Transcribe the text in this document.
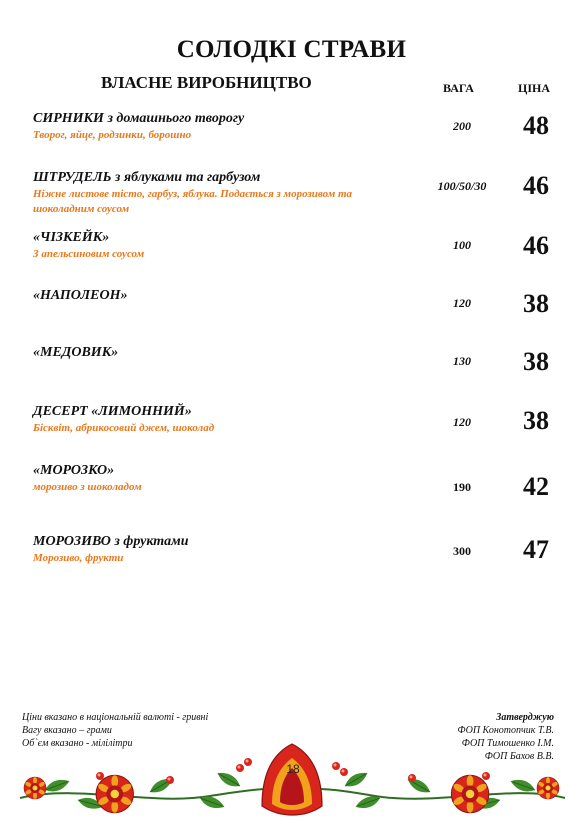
СОЛОДКІ СТРАВИ
ВЛАСНЕ ВИРОБНИЦТВО	ВАГА	ЦІНА
СИРНИКИ з домашнього творогу
Творог, яйце, родзинки, борошно
200	48
ШТРУДЕЛЬ з яблуками та гарбузом
Ніжне листове тісто, гарбуз, яблука. Подається з морозивом та шоколадним соусом
100/50/30	46
«ЧІЗКЕЙК»
З апельсиновим соусом
100	46
«НАПОЛЕОН»	120	38
«МЕДОВИК»
130	38
ДЕСЕРТ «ЛИМОННИЙ»
Бісквіт, абрикосовий джем, шоколад	120	38
«МОРОЗКО»
морозиво з шоколадом	190	42
МОРОЗИВО з фруктами
Морозиво, фрукти	300	47
Ціни вказано в національній валюті - гривні
Вагу вказано – грами
Об`єм вказано - мілілітри
Затверджую
ФОП Конотопчик Т.В.
ФОП Тимошенко І.М.
ФОП Бахов В.В.
18
